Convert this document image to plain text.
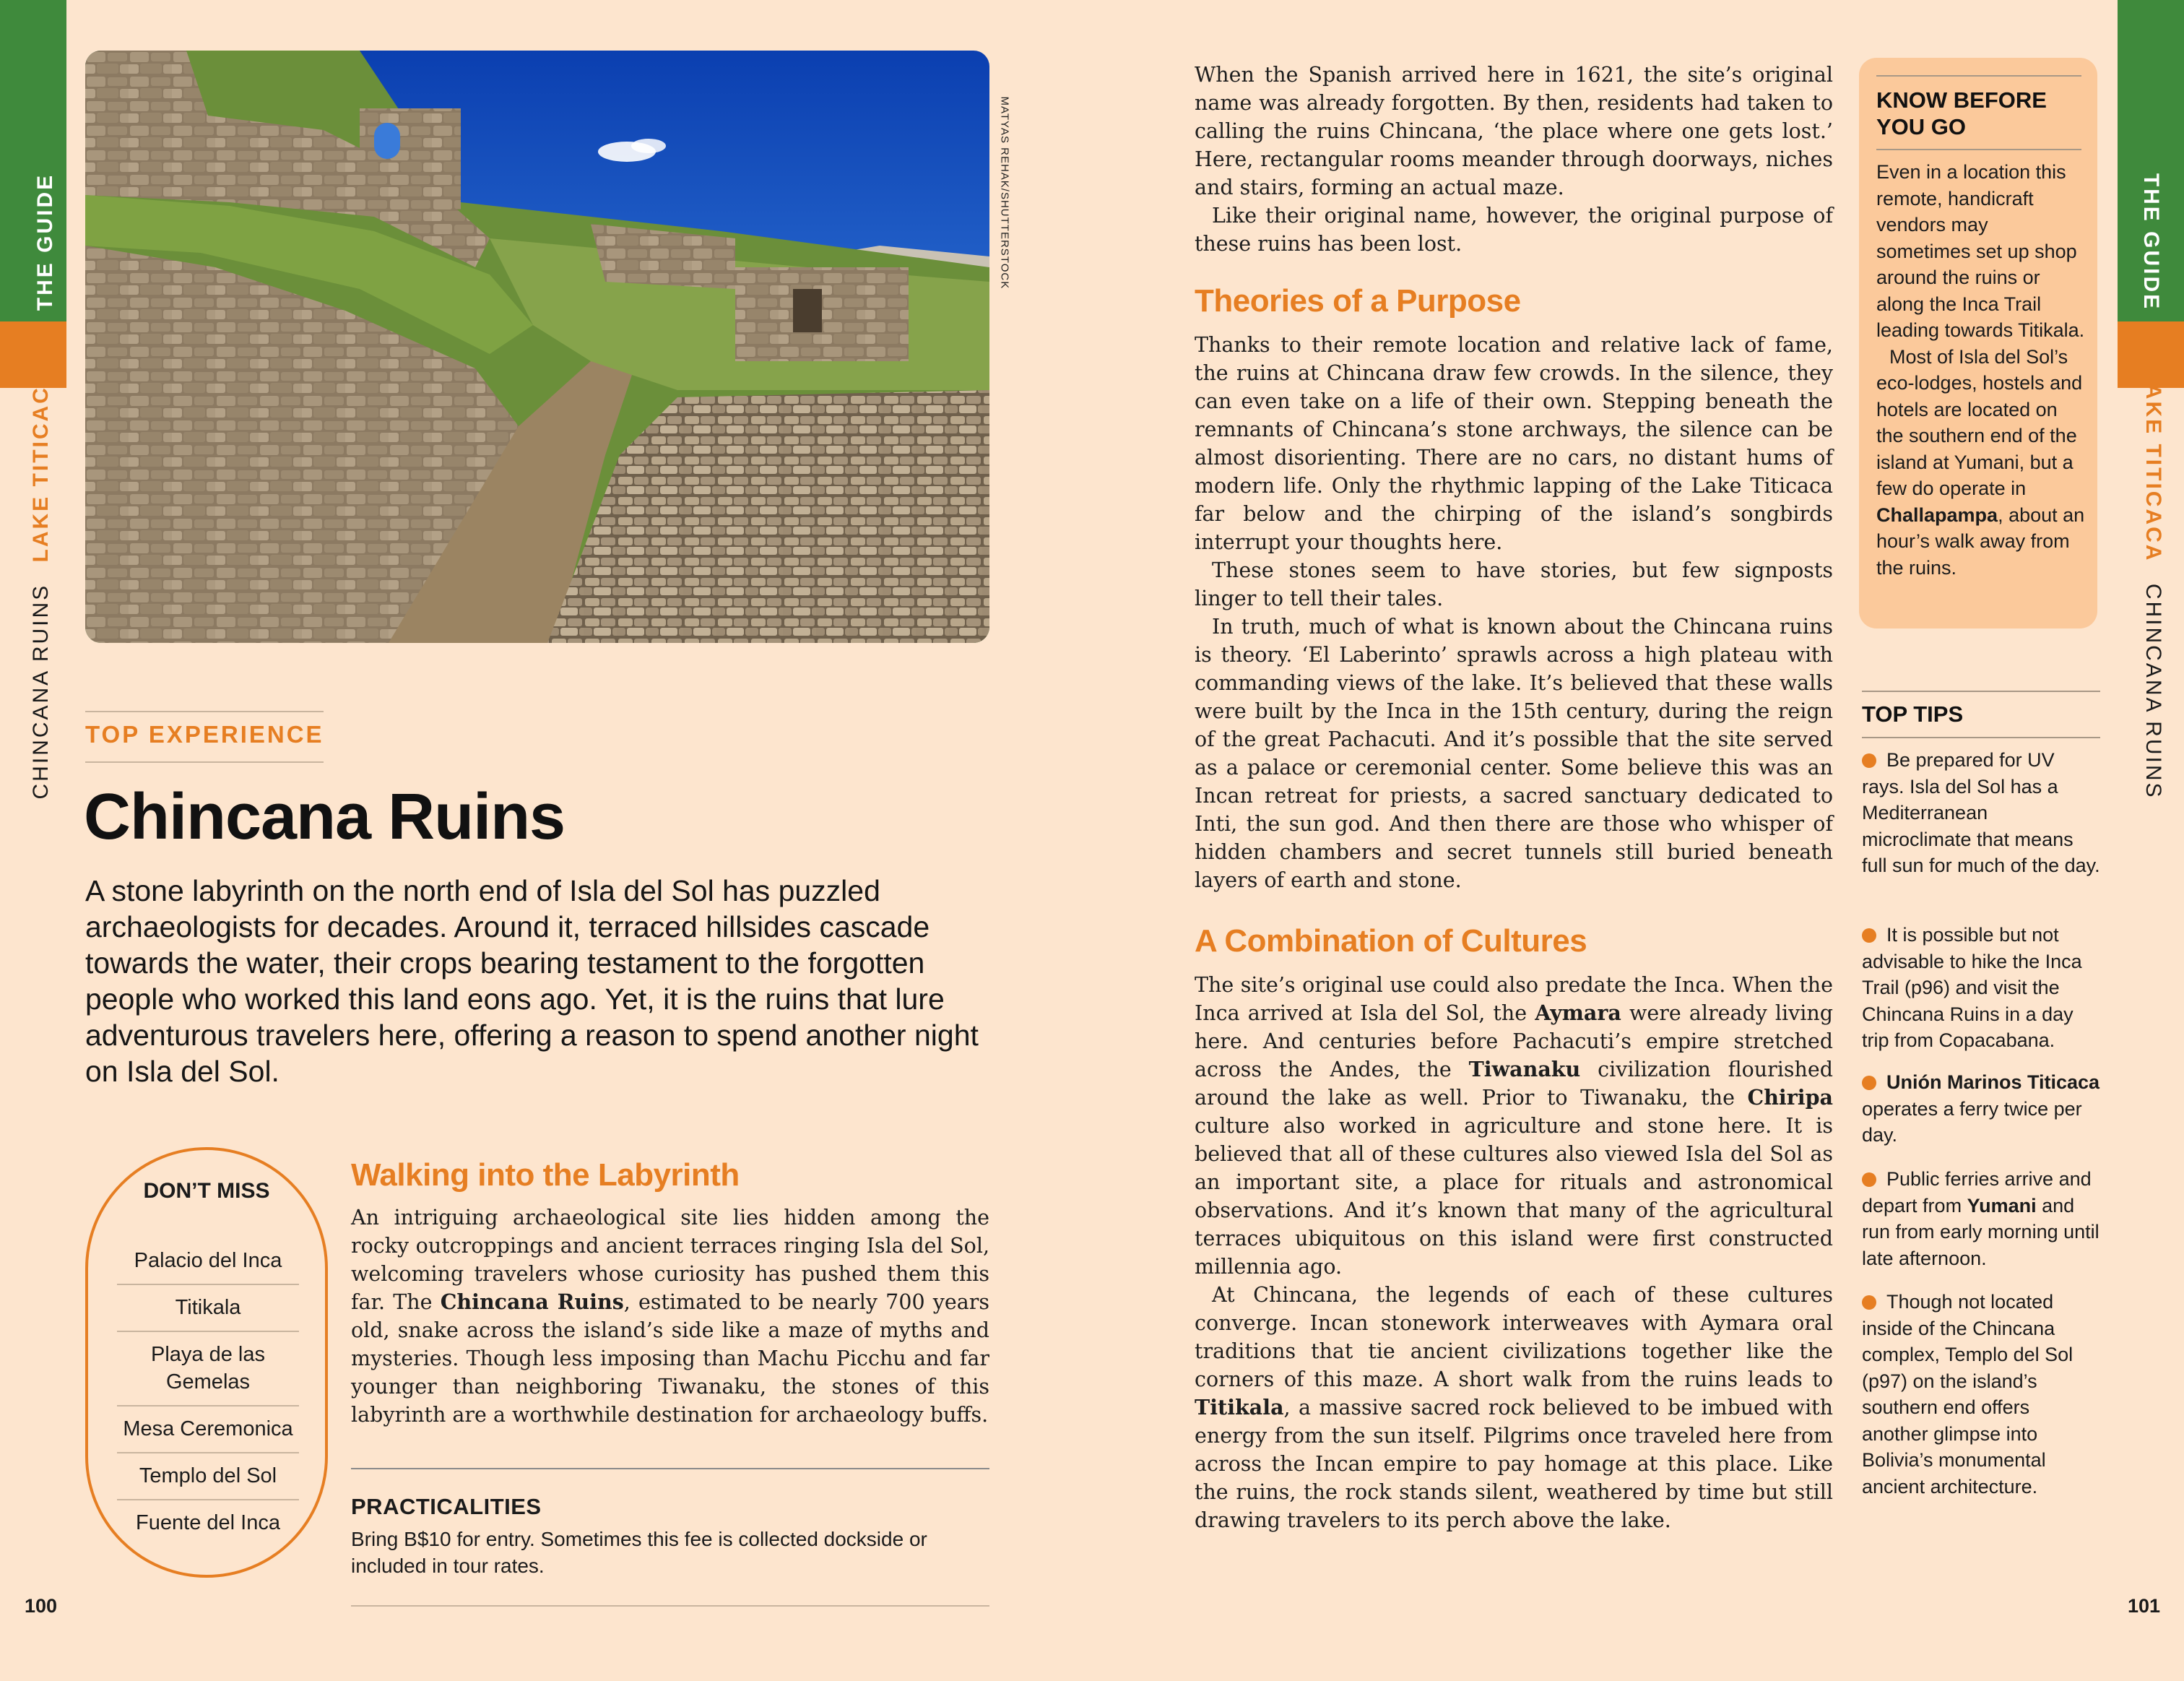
THE GUIDE
CHINCANA RUINS LAKE TITICACA
THE GUIDE
LAKE TITICACA CHINCANA RUINS
MATYAS REHAK/SHUTTERSTOCK
TOP EXPERIENCE
Chincana Ruins
A stone labyrinth on the north end of Isla del Sol has puzzled archaeologists for decades. Around it, terraced hillsides cascade towards the water, their crops bearing testament to the forgotten people who worked this land eons ago. Yet, it is the ruins that lure adventurous travelers here, offering a reason to spend another night on Isla del Sol.
DON’T MISS
Palacio del Inca
Titikala
Playa de las Gemelas
Mesa Ceremonica
Templo del Sol
Fuente del Inca
Walking into the Labyrinth

An intriguing archaeological site lies hidden among the rocky outcroppings and ancient terraces ringing Isla del Sol, welcoming travelers whose curiosity has pushed them this far. The Chincana Ruins, estimated to be nearly 700 years old, snake across the island’s side like a maze of myths and mysteries. Though less imposing than Machu Picchu and far younger than neighboring Tiwanaku, the stones of this labyrinth are a worthwhile destination for archaeology buffs.

PRACTICALITIES
Bring B$10 for entry. Sometimes this fee is collected dockside or included in tour rates.
100	101

When the Spanish arrived here in 1621, the site’s original name was already forgotten. By then, residents had taken to calling the ruins Chincana, ‘the place where one gets lost.’ Here, rectangular rooms meander through doorways, niches and stairs, forming an actual maze.

Like their original name, however, the original purpose of these ruins has been lost.

Theories of a Purpose

Thanks to their remote location and relative lack of fame, the ruins at Chincana draw few crowds. In the silence, they can even take on a life of their own. Stepping beneath the remnants of Chincana’s stone archways, the silence can be almost disorienting. There are no cars, no distant hums of modern life. Only the rhythmic lapping of the Lake Titicaca far below and the chirping of the island’s songbirds interrupt your thoughts here.

These stones seem to have stories, but few signposts linger to tell their tales.

In truth, much of what is known about the Chincana ruins is theory. ‘El Laberinto’ sprawls across a high plateau with commanding views of the lake. It’s believed that these walls were built by the Inca in the 15th century, during the reign of the great Pachacuti. And it’s possible that the site served as a palace or ceremonial center. Some believe this was an Incan retreat for priests, a sacred sanctuary dedicated to Inti, the sun god. And then there are those who whisper of hidden chambers and secret tunnels still buried beneath layers of earth and stone.

A Combination of Cultures

The site’s original use could also predate the Inca. When the Inca arrived at Isla del Sol, the Aymara were already living here. And centuries before Pachacuti’s empire stretched across the Andes, the Tiwanaku civilization flourished around the lake as well. Prior to Tiwanaku, the Chiripa culture also worked in agriculture and stone here. It is believed that all of these cultures also viewed Isla del Sol as an important site, a place for rituals and astronomical observations. And it’s known that many of the agricultural terraces ubiquitous on this island were first constructed millennia ago.

At Chincana, the legends of each of these cultures converge. Incan stonework interweaves with Aymara oral traditions that tie ancient civilizations together like the corners of this maze. A short walk from the ruins leads to Titikala, a massive sacred rock believed to be imbued with energy from the sun itself. Pilgrims once traveled here from across the Incan empire to pay homage at this place. Like the ruins, the rock stands silent, weathered by time but still drawing travelers to its perch above the lake.

KNOW BEFORE YOU GO

Even in a location this remote, handicraft vendors may sometimes set up shop around the ruins or along the Inca Trail leading towards Titikala.

Most of Isla del Sol’s eco-lodges, hostels and hotels are located on the southern end of the island at Yumani, but a few do operate in Challapampa, about an hour’s walk away from the ruins.

TOP TIPS
Be prepared for UV rays. Isla del Sol has a Mediterranean microclimate that means full sun for much of the day.
It is possible but not advisable to hike the Inca Trail (p96) and visit the Chincana Ruins in a day trip from Copacabana.
Unión Marinos Titicaca operates a ferry twice per day.
Public ferries arrive and depart from Yumani and run from early morning until late afternoon.
Though not located inside of the Chincana complex, Templo del Sol (p97) on the island’s southern end offers another glimpse into Bolivia’s monumental ancient architecture.
